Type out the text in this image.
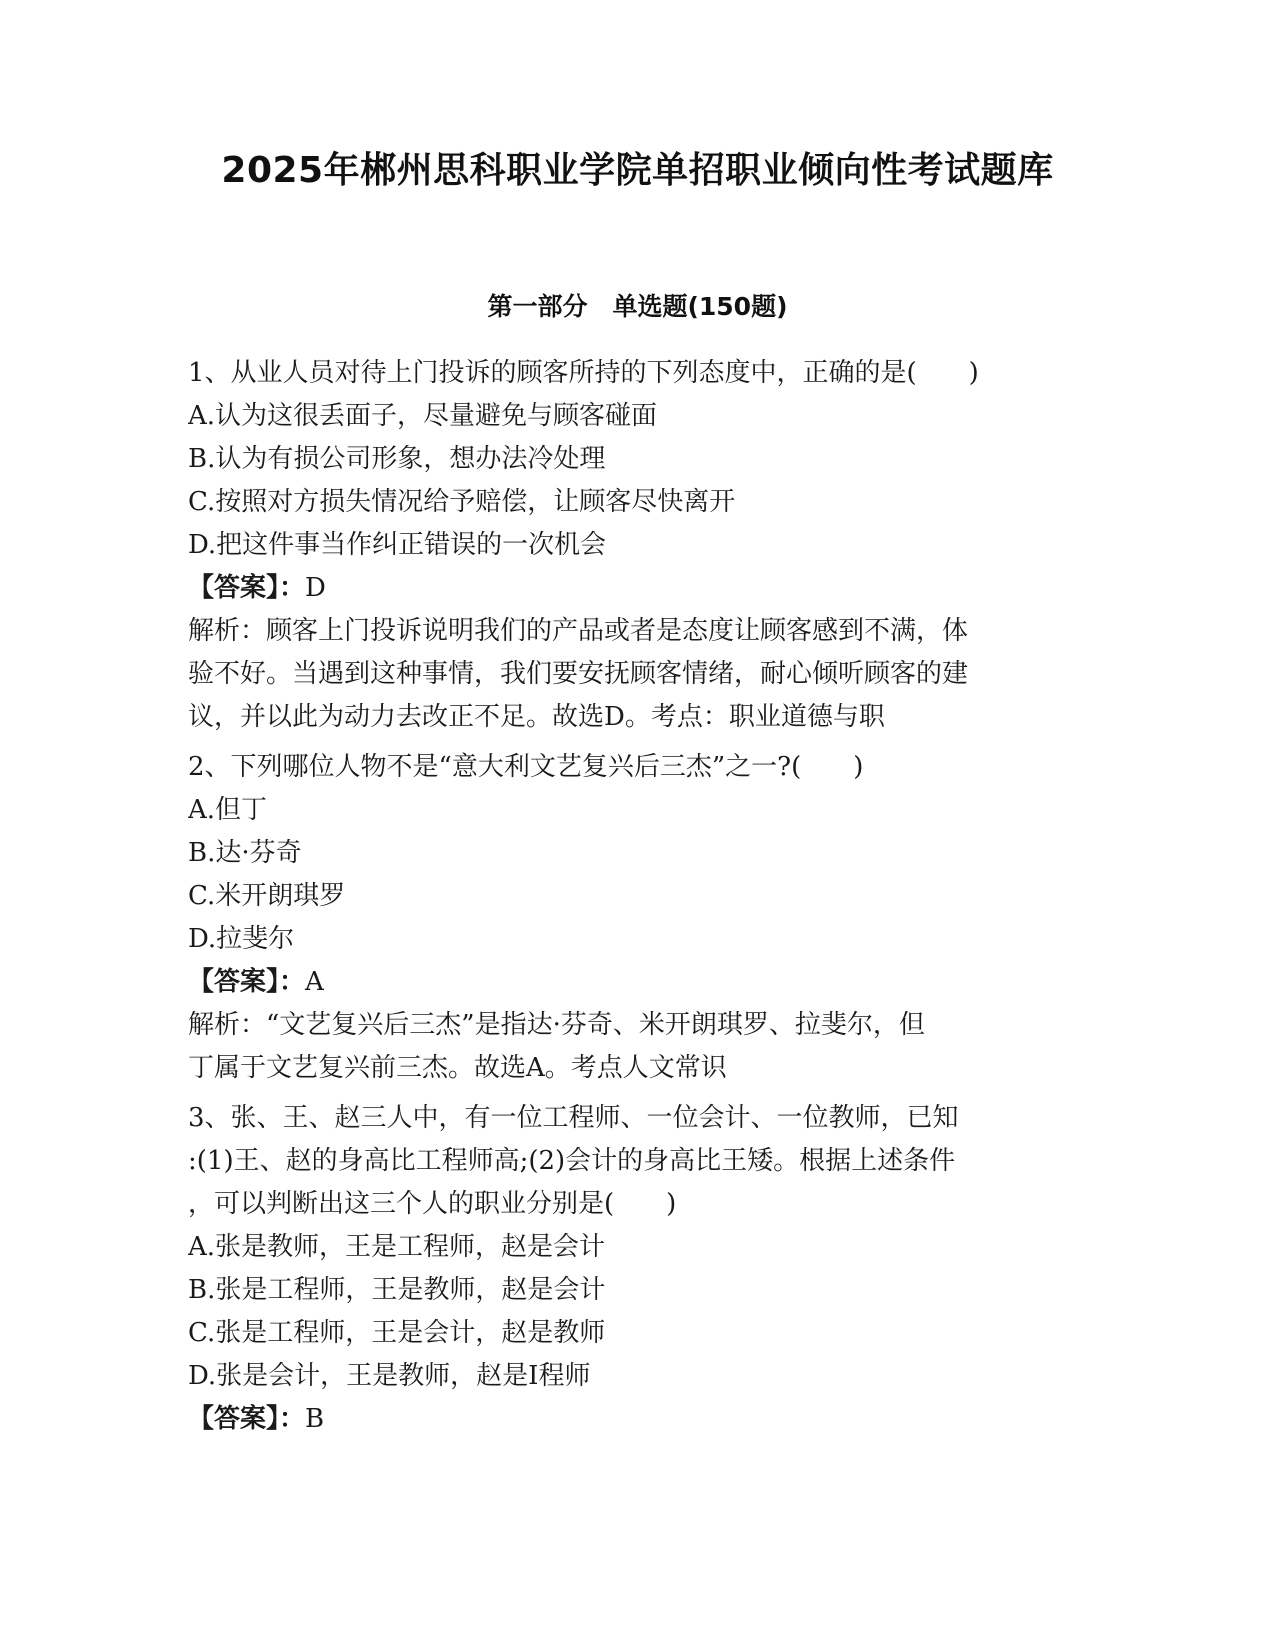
2025年郴州思科职业学院单招职业倾向性考试题库
第一部分　单选题(150题)
1、从业人员对待上门投诉的顾客所持的下列态度中，正确的是(　　)
A.认为这很丢面子，尽量避免与顾客碰面
B.认为有损公司形象，想办法冷处理
C.按照对方损失情况给予赔偿，让顾客尽快离开
D.把这件事当作纠正错误的一次机会
【答案】：D
解析：顾客上门投诉说明我们的产品或者是态度让顾客感到不满，体
验不好。当遇到这种事情，我们要安抚顾客情绪，耐心倾听顾客的建
议，并以此为动力去改正不足。故选D。考点：职业道德与职
2、下列哪位人物不是“意大利文艺复兴后三杰”之一?(　　)
A.但丁
B.达·芬奇
C.米开朗琪罗
D.拉斐尔
【答案】：A
解析：“文艺复兴后三杰”是指达·芬奇、米开朗琪罗、拉斐尔，但
丁属于文艺复兴前三杰。故选A。考点人文常识
3、张、王、赵三人中，有一位工程师、一位会计、一位教师，已知
:(1)王、赵的身高比工程师高;(2)会计的身高比王矮。根据上述条件
，可以判断出这三个人的职业分别是(　　)
A.张是教师，王是工程师，赵是会计
B.张是工程师，王是教师，赵是会计
C.张是工程师，王是会计，赵是教师
D.张是会计，王是教师，赵是I程师
【答案】：B
